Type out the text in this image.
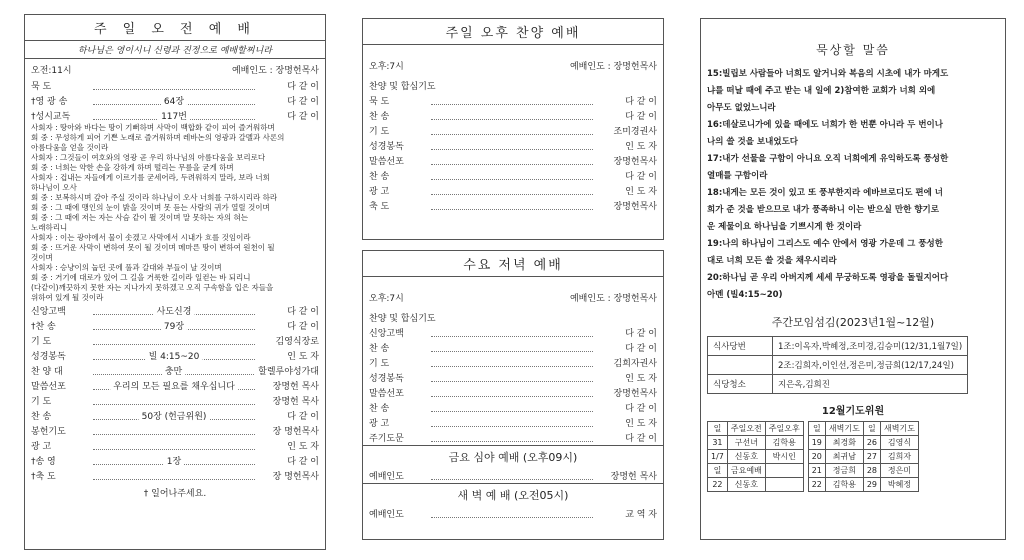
주 일 오 전 예 배
하나님은 영이시니 신령과 진정으로 예배할찌니라
오전:11시	예배인도 : 장명헌목사
묵 도	다 같 이
†영 광 송	64장	다 같 이
†성시교독	117번	다 같 이
사회자 : 땅아와 바다는 땅이 기뻐하며 사막이 백합화 같이 피어 즐거워하며
회 중 : 무성하게 피어 기쁜 노래로 즐거워하며 레바논의 영광과 갈멜과 사론의
아름다움을 얻을 것이라
사회자 : 그것들이 여호와의 영광 곧 우리 하나님의 아름다움을 보리로다
회 중 : 너희는 약한 손을 강하게 하며 떨리는 무릎을 굳게 하며
사회자 : 겁내는 자들에게 이르기를 굳세어라, 두려워하지 말라, 보라 너희
하나님이 오사
회 중 : 보복하시며 갚아 주실 것이라 하나님이 오사 너희를 구하시리라 하라
회 중 : 그 때에 맹인의 눈이 밝을 것이며 못 듣는 사람의 귀가 열릴 것이며
회 중 : 그 때에 저는 자는 사슴 같이 뛸 것이며 말 못하는 자의 혀는
노래하리니
사회자 : 이는 광야에서 물이 솟겠고 사막에서 시내가 흐를 것임이라
회 중 : 뜨거운 사막이 변하여 못이 될 것이며 메마른 땅이 변하여 원천이 될
것이며
사회자 : 승냥이의 눕던 곳에 풀과 갈대와 부들이 날 것이며
회 중 : 거기에 대로가 있어 그 길을 거룩한 길이라 일컫는 바 되리니
(다같이)깨끗하지 못한 자는 지나가지 못하겠고 오직 구속함을 입은 자들을
위하여 있게 될 것이라
신앙고백	사도신경	다 같 이
†찬 송	79장	다 같 이
기 도	김영식장로
성경봉독	빌 4:15~20	인 도 자
찬 양 대	충만	할렐루야성가대
말씀선포	우리의 모든 필요를 채우십니다	장명헌 목사
기 도	장명헌 목사
찬 송	50장 (헌금위원)	다 같 이
봉헌기도	장 명헌목사
광 고	인 도 자
†송 영	1장	다 같 이
†축 도	장 명헌목사
† 일어나주세요.
주일 오후 찬양 예배
오후:7시	예배인도 : 장명헌목사
찬양 및 합심기도
묵 도	다 같 이
찬 송	다 같 이
기 도	조미경권사
성경봉독	인 도 자
말씀선포	장명헌목사
찬 송	다 같 이
광 고	인 도 자
축 도	장명헌목사
수요 저녁 예배
오후:7시	예배인도 : 장명헌목사
찬양 및 합심기도
신앙고백	다 같 이
찬 송	다 같 이
기 도	김희자권사
성경봉독	인 도 자
말씀선포	장명헌목사
찬 송	다 같 이
광 고	인 도 자
주기도문	다 같 이
금요 심야 예배 (오후09시)
예배인도	장명헌 목사
새 벽 예 배 (오전05시)
예배인도	교 역 자
묵상할 말씀
15:빌립보 사람들아 너희도 알거니와 복음의 시초에 내가 마게도
냐를 떠날 때에 주고 받는 내 일에 2)참여한 교회가 너희 외에
아무도 없었느니라
16:데살로니가에 있을 때에도 너희가 한 번뿐 아니라 두 번이나
나의 쓸 것을 보내었도다
17:내가 선물을 구함이 아니요 오직 너희에게 유익하도록 풍성한
열매를 구함이라
18:내게는 모든 것이 있고 또 풍부한지라 에바브로디도 편에 너
희가 준 것을 받으므로 내가 풍족하니 이는 받으실 만한 향기로
운 제물이요 하나님을 기쁘시게 한 것이라
19:나의 하나님이 그리스도 예수 안에서 영광 가운데 그 풍성한
대로 너희 모든 쓸 것을 채우시리라
20:하나님 곧 우리 아버지께 세세 무궁하도록 영광을 돌릴지어다
아멘 (빌4:15~20)
주간모임섬김(2023년1월~12월)
식사당번	1조:이옥자,박혜정,조미경,김승미(12/31,1월7일)
	2조:김희자,이인선,정은미,정금희(12/17,24일)
식당청소	지은옥,김희진
12월기도위원
일	주일오전	주일오후
31	구선녀	김학용
1/7	신동호	박시인
일	금요예배	
22	신동호	
일	새벽기도	일	새벽기도
19	최경화	26	김영식
20	최귀남	27	김희자
21	정금희	28	정은미
22	김학용	29	박혜정
